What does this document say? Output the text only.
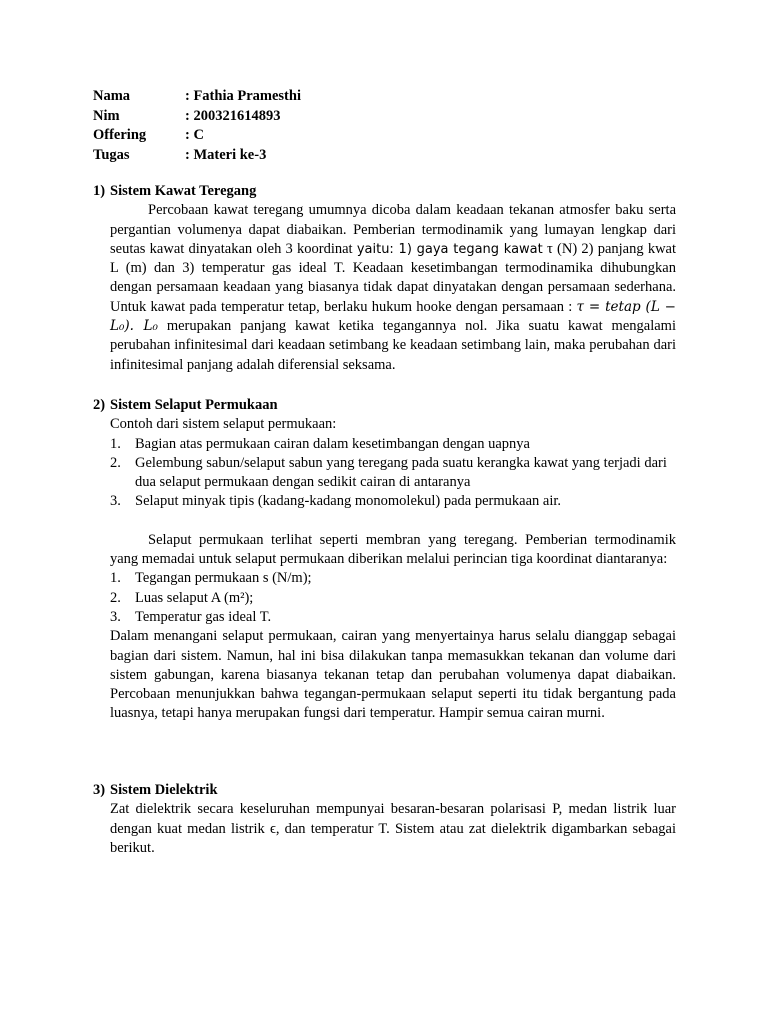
Nama	: Fathia Pramesthi
Nim	: 200321614893
Offering	: C
Tugas	: Materi ke-3
1) Sistem Kawat Teregang
Percobaan kawat teregang umumnya dicoba dalam keadaan tekanan atmosfer baku serta pergantian volumenya dapat diabaikan. Pemberian termodinamik yang lumayan lengkap dari seutas kawat dinyatakan oleh 3 koordinat yaitu: 1) gaya tegang kawat τ (N) 2) panjang kwat L (m) dan 3) temperatur gas ideal T. Keadaan kesetimbangan termodinamika dihubungkan dengan persamaan keadaan yang biasanya tidak dapat dinyatakan dengan persamaan sederhana. Untuk kawat pada temperatur tetap, berlaku hukum hooke dengan persamaan : τ = tetap (L − L₀). L₀ merupakan panjang kawat ketika tegangannya nol. Jika suatu kawat mengalami perubahan infinitesimal dari keadaan setimbang ke keadaan setimbang lain, maka perubahan dari infinitesimal panjang adalah diferensial seksama.
2) Sistem Selaput Permukaan
Contoh dari sistem selaput permukaan:
1. Bagian atas permukaan cairan dalam kesetimbangan dengan uapnya
2. Gelembung sabun/selaput sabun yang teregang pada suatu kerangka kawat yang terjadi dari dua selaput permukaan dengan sedikit cairan di antaranya
3. Selaput minyak tipis (kadang-kadang monomolekul) pada permukaan air.
Selaput permukaan terlihat seperti membran yang teregang. Pemberian termodinamik yang memadai untuk selaput permukaan diberikan melalui perincian tiga koordinat diantaranya:
1. Tegangan permukaan s (N/m);
2. Luas selaput A (m²);
3. Temperatur gas ideal T.
Dalam menangani selaput permukaan, cairan yang menyertainya harus selalu dianggap sebagai bagian dari sistem. Namun, hal ini bisa dilakukan tanpa memasukkan tekanan dan volume dari sistem gabungan, karena biasanya tekanan tetap dan perubahan volumenya dapat diabaikan. Percobaan menunjukkan bahwa tegangan-permukaan selaput seperti itu tidak bergantung pada luasnya, tetapi hanya merupakan fungsi dari temperatur. Hampir semua cairan murni.
3) Sistem Dielektrik
Zat dielektrik secara keseluruhan mempunyai besaran-besaran polarisasi P, medan listrik luar dengan kuat medan listrik ϵ, dan temperatur T. Sistem atau zat dielektrik digambarkan sebagai berikut.
